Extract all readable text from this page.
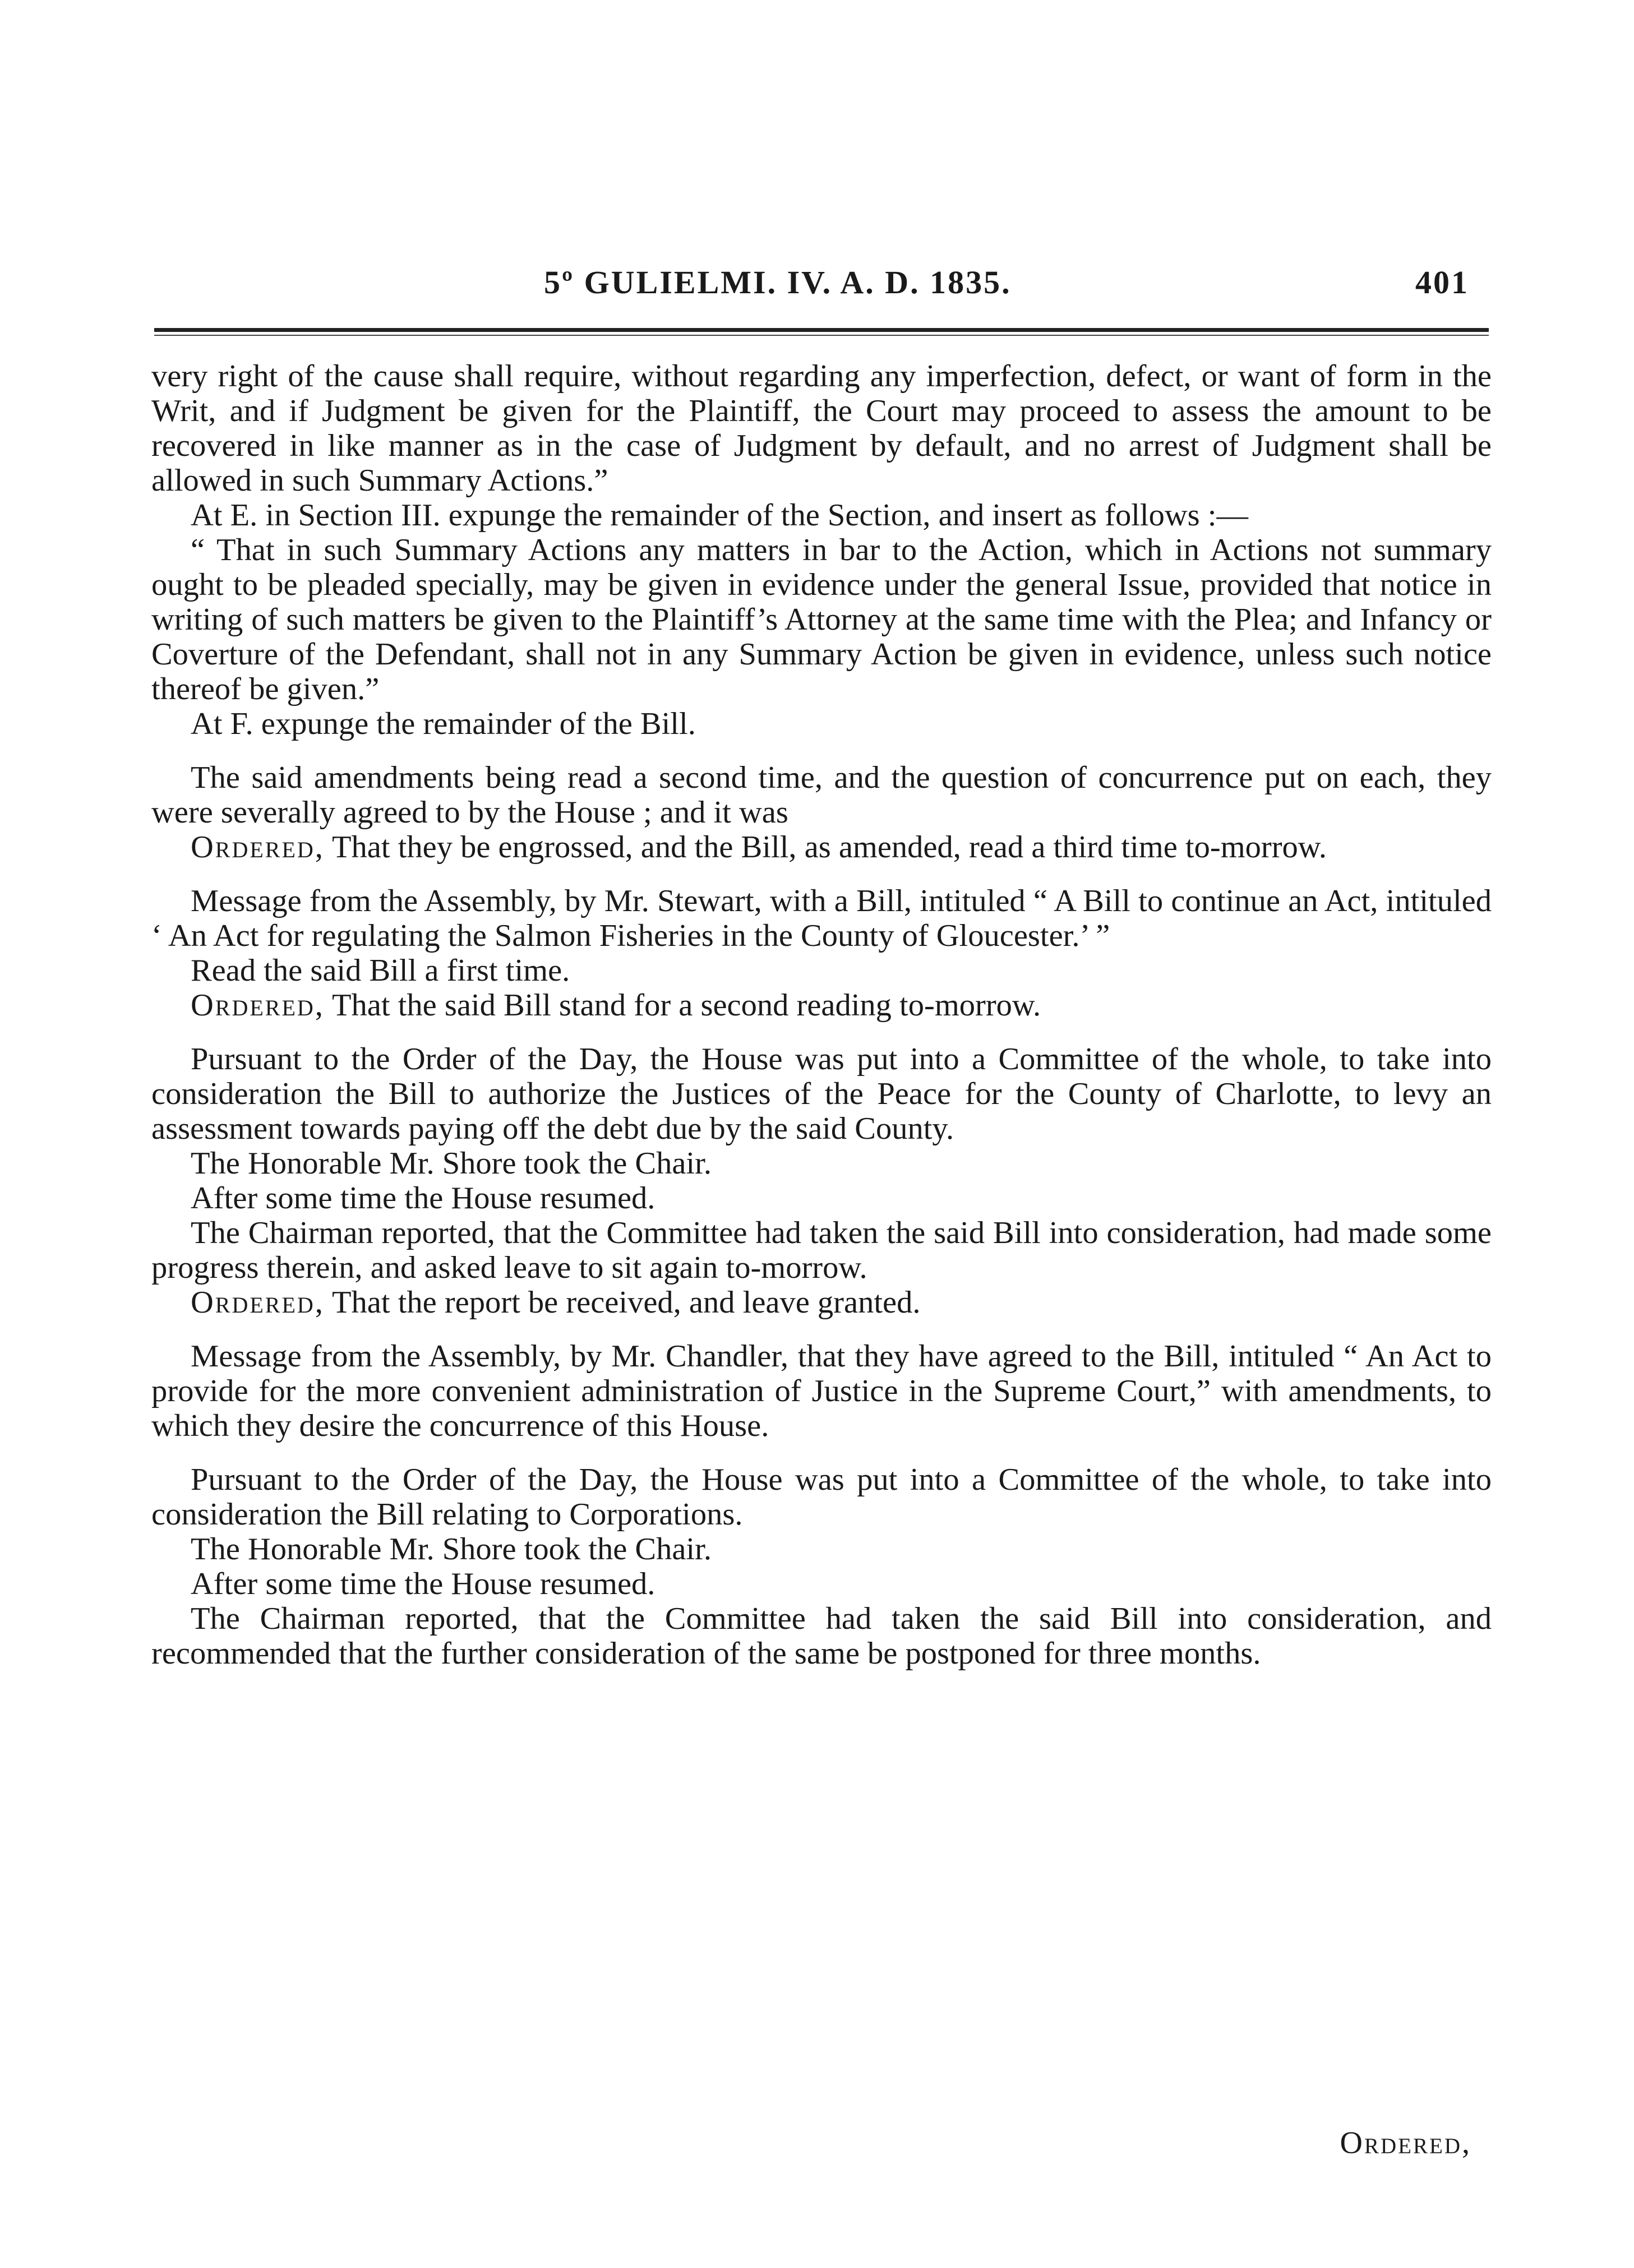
5º GULIELMI. IV. A. D. 1835.	401

very right of the cause shall require, without regarding any imperfection, defect, or want of form in the Writ, and if Judgment be given for the Plaintiff, the Court may proceed to assess the amount to be recovered in like manner as in the case of Judgment by default, and no arrest of Judgment shall be allowed in such Summary Actions.”

At E. in Section III. expunge the remainder of the Section, and insert as follows :—

“ That in such Summary Actions any matters in bar to the Action, which in Actions not summary ought to be pleaded specially, may be given in evidence under the general Issue, provided that notice in writing of such matters be given to the Plaintiff’s Attorney at the same time with the Plea; and Infancy or Coverture of the Defendant, shall not in any Summary Action be given in evidence, unless such notice thereof be given.”

At F. expunge the remainder of the Bill.

The said amendments being read a second time, and the question of concurrence put on each, they were severally agreed to by the House ; and it was

Ordered, That they be engrossed, and the Bill, as amended, read a third time to-morrow.

Message from the Assembly, by Mr. Stewart, with a Bill, intituled “ A Bill to continue an Act, intituled ‘ An Act for regulating the Salmon Fisheries in the County of Gloucester.’ ”

Read the said Bill a first time.

Ordered, That the said Bill stand for a second reading to-morrow.

Pursuant to the Order of the Day, the House was put into a Committee of the whole, to take into consideration the Bill to authorize the Justices of the Peace for the County of Charlotte, to levy an assessment towards paying off the debt due by the said County.

The Honorable Mr. Shore took the Chair.

After some time the House resumed.

The Chairman reported, that the Committee had taken the said Bill into consideration, had made some progress therein, and asked leave to sit again to-morrow.

Ordered, That the report be received, and leave granted.

Message from the Assembly, by Mr. Chandler, that they have agreed to the Bill, intituled “ An Act to provide for the more convenient administration of Justice in the Supreme Court,” with amendments, to which they desire the concurrence of this House.

Pursuant to the Order of the Day, the House was put into a Committee of the whole, to take into consideration the Bill relating to Corporations.

The Honorable Mr. Shore took the Chair.

After some time the House resumed.

The Chairman reported, that the Committee had taken the said Bill into consideration, and recommended that the further consideration of the same be postponed for three months.

Ordered,
